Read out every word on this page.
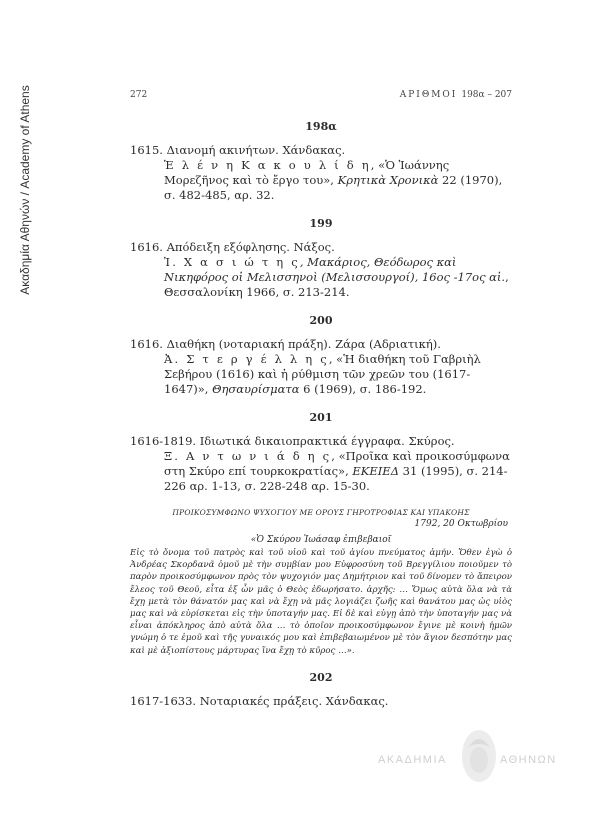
Ακαδημία Αθηνών / Academy of Athens	272	ΑΡΙΘΜΟΙ 198α – 207
198α
1615. Διανομή ακινήτων. Χάνδακας.
Ἑ λ έ ν η Κ α κ ο υ λ ί δ η, «Ὁ Ἰωάννης Μορεζῆνος καὶ τὸ ἔργο του», Κρητικὰ Χρονικὰ 22 (1970), σ. 482-485, αρ. 32.
199
1616. Απόδειξη εξόφλησης. Νάξος.
Ἰ. Χ α σ ι ώ τ η ς, Μακάριος, Θεόδωρος καὶ Νικηφόρος οἱ Μελισσηνοὶ (Μελισσουργοί), 16ος -17ος αἱ., Θεσσαλονίκη 1966, σ. 213-214.
200
1616. Διαθήκη (νοταριακή πράξη). Ζάρα (Αδριατική).
Ἀ. Σ τ ε ρ γ έ λ λ η ς, «Ἡ διαθήκη τοῦ Γαβριὴλ Σεβήρου (1616) καὶ ἡ ρύθμιση τῶν χρεῶν του (1617-1647)», Θησαυρίσματα 6 (1969), σ. 186-192.
201
1616-1819. Ιδιωτικά δικαιοπρακτικά έγγραφα. Σκύρος.
Ξ. Α ν τ ω ν ι ά δ η ς, «Προῖκα καὶ προικοσύμφωνα στη Σκύρο επί τουρκοκρατίας», ΕΚΕΙΕΔ 31 (1995), σ. 214-226 αρ. 1-13, σ. 228-248 αρ. 15-30.
ΠΡΟΙΚΟΣΥΜΦΩΝΟ ΨΥΧΟΓΙΟΥ ΜΕ ΟΡΟΥΣ ΓΗΡΟΤΡΟΦΙΑΣ ΚΑΙ ΥΠΑΚΟΗΣ
1792, 20 Οκτωβρίου
«Ὁ Σκύρου Ἰωάσαφ ἐπιβεβαιοῖ
Εἰς τὸ ὄνομα τοῦ πατρὸς καὶ τοῦ υἱοῦ καὶ τοῦ ἁγίου πνεύματος ἀμήν. Ὅθεν ἐγὼ ὁ Ἀνδρέας Σκορδανᾶ ὁμοῦ μὲ τὴν συμβίαν μου Εὐφροσύνη τοῦ Βρεγγίλιου ποιοῦμεν τὸ παρὸν προικοσύμφωνον πρὸς τὸν ψυχογιόν μας Δημήτριον καὶ τοῦ δίνομεν τὸ ἄπειρον ἔλεος τοῦ Θεοῦ, εἶτα ἐξ ὧν μᾶς ὁ Θεὸς ἐδωρήσατο. ἀρχῆς: … Ὅμως αὐτὰ ὅλα νὰ τὰ ἔχῃ μετὰ τὸν θάνατόν μας καὶ νὰ ἔχῃ νὰ μᾶς λογιάζει ζωῆς καὶ θανάτου μας ὡς υἱὸς μας καὶ νὰ εὑρίσκεται εἰς τὴν ὑποταγήν μας. Εἰ δὲ καὶ εὑγῃ ἀπὸ τὴν ὑποταγήν μας νὰ εἶναι ἀπόκληρος ἀπὸ αὐτὰ ὅλα … τὸ ὁποῖον προικοσύμφωνον ἔγινε μὲ κοινὴ ἡμῶν γνώμη ὁ τε ἐμοῦ καὶ τῆς γυναικός μου καὶ ἐπιβεβαιωμένον μὲ τὸν ἅγιον δεσπότην μας καὶ μὲ ἀξιοπίστους μάρτυρας ἵνα ἔχῃ τὸ κῦρος …».
202
1617-1633. Νοταριακές πράξεις. Χάνδακας.
ΑΚΑΔΗΜΙΑ	ΑΘΗΝΩΝ
